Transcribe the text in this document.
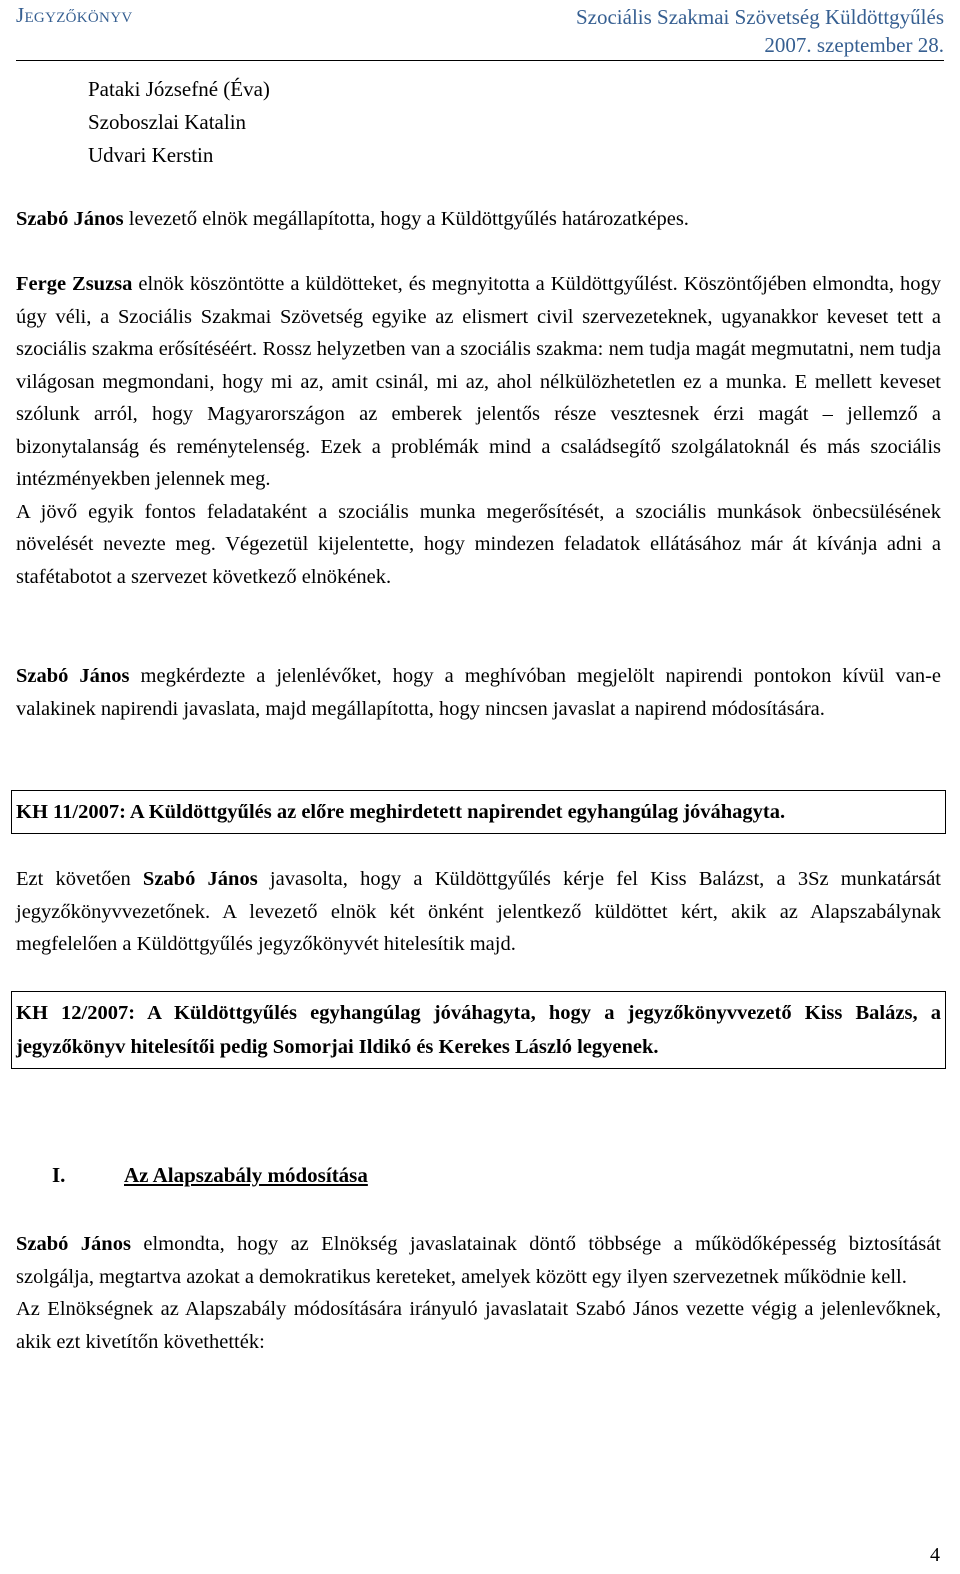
Jegyzőkönyv	Szociális Szakmai Szövetség Küldöttgyűlés
2007. szeptember 28.
Pataki Józsefné (Éva)
Szoboszlai Katalin
Udvari Kerstin
Szabó János levezető elnök megállapította, hogy a Küldöttgyűlés határozatképes.
Ferge Zsuzsa elnök köszöntötte a küldötteket, és megnyitotta a Küldöttgyűlést. Köszöntőjében elmondta, hogy úgy véli, a Szociális Szakmai Szövetség egyike az elismert civil szervezeteknek, ugyanakkor keveset tett a szociális szakma erősítéséért. Rossz helyzetben van a szociális szakma: nem tudja magát megmutatni, nem tudja világosan megmondani, hogy mi az, amit csinál, mi az, ahol nélkülözhetetlen ez a munka. E mellett keveset szólunk arról, hogy Magyarországon az emberek jelentős része vesztesnek érzi magát – jellemző a bizonytalanság és reménytelenség. Ezek a problémák mind a családsegítő szolgálatoknál és más szociális intézményekben jelennek meg.
A jövő egyik fontos feladataként a szociális munka megerősítését, a szociális munkások önbecsülésének növelését nevezte meg. Végezetül kijelentette, hogy mindezen feladatok ellátásához már át kívánja adni a stafétabotot a szervezet következő elnökének.
Szabó János megkérdezte a jelenlévőket, hogy a meghívóban megjelölt napirendi pontokon kívül van-e valakinek napirendi javaslata, majd megállapította, hogy nincsen javaslat a napirend módosítására.
KH 11/2007: A Küldöttgyűlés az előre meghirdetett napirendet egyhangúlag jóváhagyta.
Ezt követően Szabó János javasolta, hogy a Küldöttgyűlés kérje fel Kiss Balázst, a 3Sz munkatársát jegyzőkönyvvezetőnek. A levezető elnök két önként jelentkező küldöttet kért, akik az Alapszabálynak megfelelően a Küldöttgyűlés jegyzőkönyvét hitelesítik majd.
KH 12/2007: A Küldöttgyűlés egyhangúlag jóváhagyta, hogy a jegyzőkönyvvezető Kiss Balázs, a jegyzőkönyv hitelesítői pedig Somorjai Ildikó és Kerekes László legyenek.
I.	Az Alapszabály módosítása
Szabó János elmondta, hogy az Elnökség javaslatainak döntő többsége a működőképesség biztosítását szolgálja, megtartva azokat a demokratikus kereteket, amelyek között egy ilyen szervezetnek működnie kell.
Az Elnökségnek az Alapszabály módosítására irányuló javaslatait Szabó János vezette végig a jelenlevőknek, akik ezt kivetítőn követhették:
4
